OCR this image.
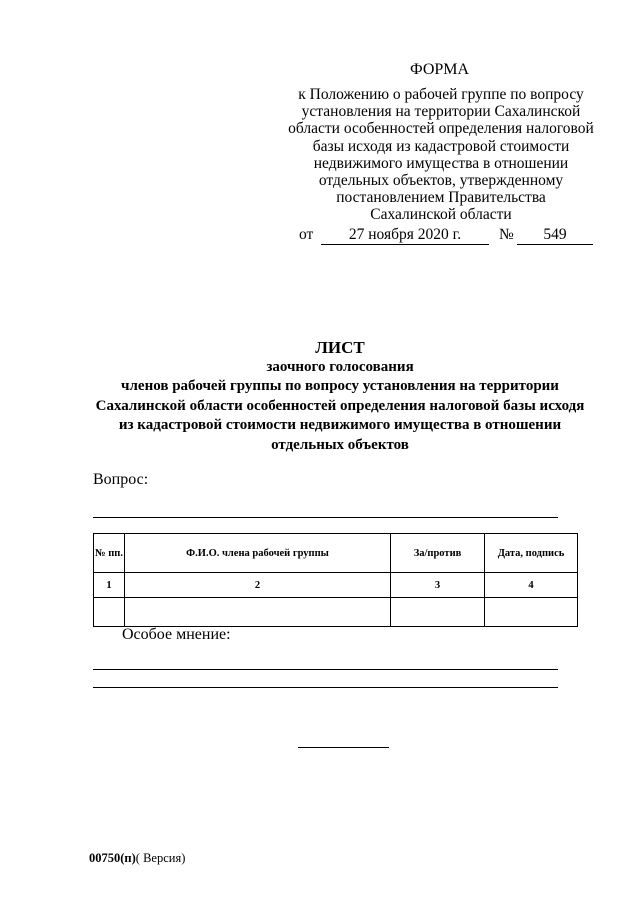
ФОРМА
к Положению о рабочей группе по вопросу
установления на территории Сахалинской
области особенностей определения налоговой
базы исходя из кадастровой стоимости
недвижимого имущества в отношении
отдельных объектов, утвержденному
постановлением Правительства
Сахалинской области
от	27 ноября 2020 г.	№	549
ЛИСТ
заочного голосования
членов рабочей группы по вопросу установления на территории
Сахалинской области особенностей определения налоговой базы исходя
из кадастровой стоимости недвижимого имущества в отношении
отдельных объектов
Вопрос:
№ пп.	Ф.И.О. члена рабочей группы	За/против	Дата, подпись
1	2	3	4

Особое мнение:
00750(п)( Версия)
